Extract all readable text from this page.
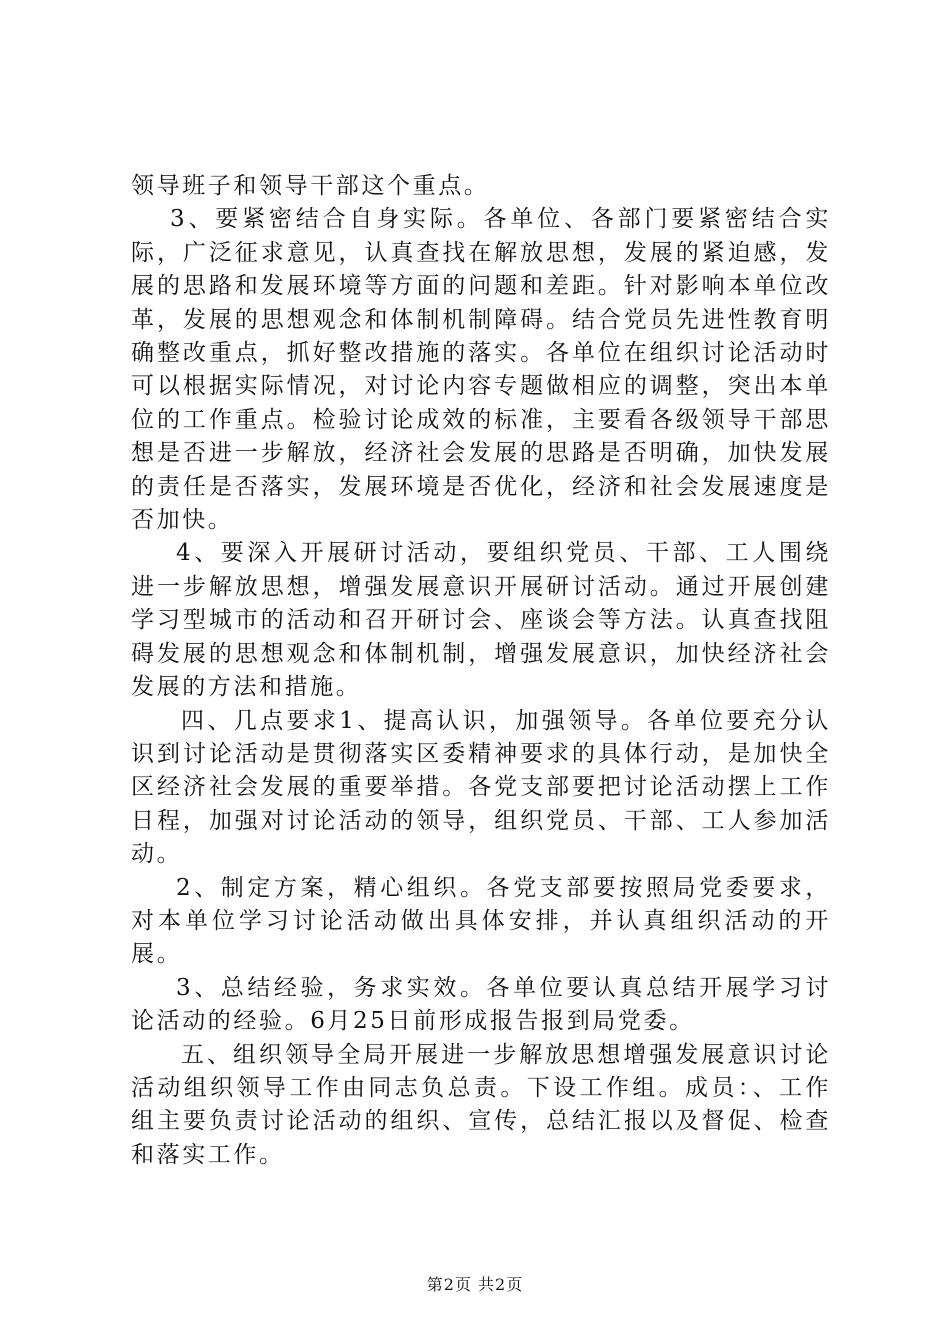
领导班子和领导干部这个重点。

3、要紧密结合自身实际。各单位、各部门要紧密结合实际，广泛征求意见，认真查找在解放思想，发展的紧迫感，发展的思路和发展环境等方面的问题和差距。针对影响本单位改革，发展的思想观念和体制机制障碍。结合党员先进性教育明确整改重点，抓好整改措施的落实。各单位在组织讨论活动时可以根据实际情况，对讨论内容专题做相应的调整，突出本单位的工作重点。检验讨论成效的标准，主要看各级领导干部思想是否进一步解放，经济社会发展的思路是否明确，加快发展的责任是否落实，发展环境是否优化，经济和社会发展速度是否加快。

4、要深入开展研讨活动，要组织党员、干部、工人围绕进一步解放思想，增强发展意识开展研讨活动。通过开展创建学习型城市的活动和召开研讨会、座谈会等方法。认真查找阻碍发展的思想观念和体制机制，增强发展意识，加快经济社会发展的方法和措施。

四、几点要求1、提高认识，加强领导。各单位要充分认识到讨论活动是贯彻落实区委精神要求的具体行动，是加快全区经济社会发展的重要举措。各党支部要把讨论活动摆上工作日程，加强对讨论活动的领导，组织党员、干部、工人参加活动。

2、制定方案，精心组织。各党支部要按照局党委要求，对本单位学习讨论活动做出具体安排，并认真组织活动的开展。

3、总结经验，务求实效。各单位要认真总结开展学习讨论活动的经验。6月25日前形成报告报到局党委。

五、组织领导全局开展进一步解放思想增强发展意识讨论活动组织领导工作由同志负总责。下设工作组。成员：、工作组主要负责讨论活动的组织、宣传，总结汇报以及督促、检查和落实工作。

第2页 共2页
